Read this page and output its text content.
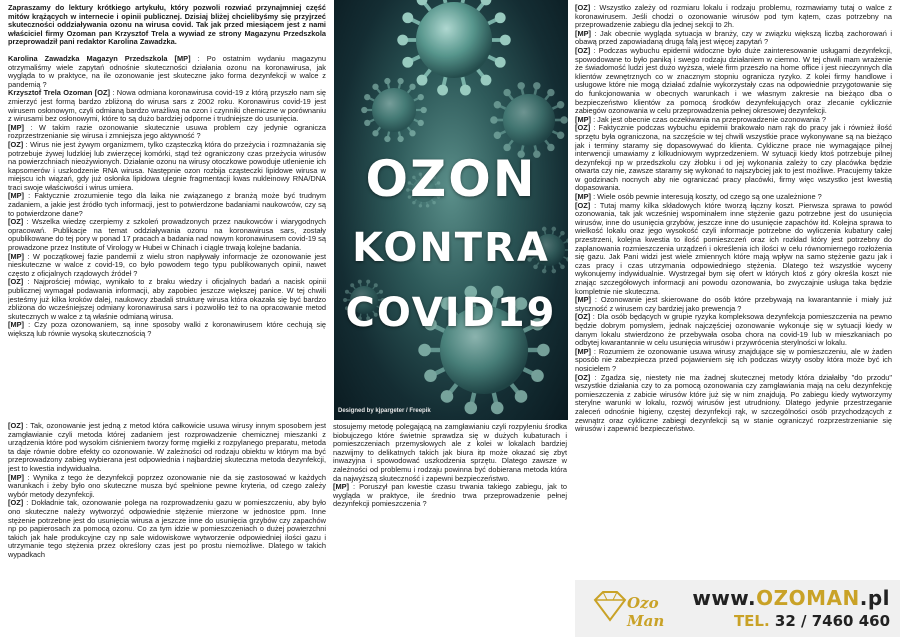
Zapraszamy do lektury krótkiego artykułu, który pozwoli rozwiać przynajmniej część mitów krążących w internecie i opinii publicznej. Dzisiaj bliżej chcielibyśmy się przyjrzeć skuteczności oddziaływania ozonu na wirusa covid. Tak jak przed miesiącem jest z nami właściciel firmy Ozoman pan Krzysztof Trela a wywiad ze strony Magazynu Przedszkola przeprowadził pani redaktor Karolina Zawadzka.

Karolina Zawadzka Magazyn Przedszkola [MP] : Po ostatnim wydaniu magazynu otrzymaliśmy wiele zapytań odnośnie skuteczności działania ozonu na koronawirusa, jak wygląda to w praktyce, na ile ozonowanie jest skuteczne jako forma dezynfekcji w walce z pandemią ?

Krzysztof Trela Ozoman [OZ] : Nowa odmiana koronawirusa covid-19 z którą przyszło nam się zmierzyć jest formą bardzo zbliżoną do wirusa sars z 2002 roku. Koronawirus covid-19 jest wirusem osłonowym, czyli odmianą bardzo wrażliwą na ozon i czynniki chemiczne w porównaniu z wirusami bez osłonowymi, które to są dużo bardziej odporne i trudniejsze do usunięcia.

[MP] : W takim razie ozonowanie skutecznie usuwa problem czy jedynie ogranicza rozprzestrzenianie się wirusa i zmniejsza jego aktywność ?

[OZ] : Wirus nie jest żywym organizmem, tylko cząsteczką która do przeżycia i rozmnażania się potrzebuje żywej ludzkiej lub zwierzęcej komórki, stąd też ograniczony czas przeżycia wirusów na powierzchniach nieożywionych. Działanie ozonu na wirusy otoczkowe powoduje utlenienie ich kapsomerów i uszkodzenie RNA wirusa. Następnie ozon rozbija cząsteczki lipidowe wirusa w miejscu ich wiązań, gdy już osłonka lipidowa ulegnie fragmentacji kwas nukleinowy RNA/DNA traci swoje właściwości i wirus umiera.

[MP] : Faktycznie zrozumienie tego dla laika nie związanego z branżą może być trudnym zadaniem, a jakie jest źródło tych informacji, jest to potwierdzone badaniami naukowców, czy są to potwierdzone dane?

[OZ] : Wszelka wiedzę czerpiemy z szkoleń prowadzonych przez naukowców i wiarygodnych opracowań. Publikacje na temat oddziaływania ozonu na koronawirusa sars, zostały opublikowane do tej pory w ponad 17 pracach a badania nad nowym koronawirusem covid-19 są prowadzone przez Institute of Virology w Hubei w Chinach i ciągle trwają kolejne badania.

[MP] : W początkowej fazie pandemii z wielu stron napływały informacje że ozonowanie jest nieskuteczne w walce z covid-19, co było powodem tego typu publikowanych opinii, nawet często z oficjalnych rządowych źródeł ?

[OZ] : Najprościej mówiąc, wynikało to z braku wiedzy i oficjalnych badań a nacisk opinii publicznej wymagał podawania informacji, aby zapobiec jeszcze większej panice. W tej chwili jesteśmy już kilka kroków dalej, naukowcy zbadali strukturę wirusa która okazała się być bardzo zbliżona do wcześniejszej odmiany koronawirusa sars i pozwoliło też to na opracowanie metod skutecznych w walce z tą właśnie odmianą wirusa.

[MP] : Czy poza ozonowaniem, są inne sposoby walki z koronawirusem które cechują się większą lub równie wysoką skutecznością ?

OZON
KONTRA
COVID19
Designed by kjpargeter / Freepik

[OZ] : Wszystko zależy od rozmiaru lokalu i rodzaju problemu, rozmawiamy tutaj o walce z koronawirusem. Jeśli chodzi o ozonowanie wirusów pod tym kątem, czas potrzebny na przeprowadzenie zabiegu dla jednej sekcji to 2h.

[MP] : Jak obecnie wygląda sytuacja w branży, czy w związku większą liczbą zachorowań i obawą przed zapowiadaną drugą falą jest więcej zapytań ?

[OZ] : Podczas wybuchu epidemii widoczne było duże zainteresowanie usługami dezynfekcji, spowodowane to było paniką i swego rodzaju działaniem w ciemno. W tej chwili mam wrażenie że świadomość ludzi jest dużo wyższa, wiele firm przeszło na home office i jest nieczynnych dla klientów zewnętrznych co w znacznym stopniu ogranicza ryzyko. Z kolei firmy handlowe i usługowe które nie mogą działać zdalnie wykorzystały czas na odpowiednie przygotowanie się do funkcjonowania w obecnych warunkach i we własnym zakresie na bieżąco dba o bezpieczeństwo klientów za pomocą środków dezynfekujących oraz zlecanie cyklicznie zabiegów ozonowania w celu przeprowadzenia pełnej okresowej dezynfekcji.

[MP] : Jak jest obecnie czas oczekiwania na przeprowadzenie ozonowania ?

[OZ] : Faktycznie podczas wybuchu epidemii brakowało nam rąk do pracy jak i również ilość sprzętu była ograniczona, na szczęście w tej chwili wszystkie prace wykonywane są na bieżąco jak i terminy staramy się dopasowywać do klienta. Cykliczne prace nie wymagające pilnej interwencji umawiamy z kilkudniowym wyprzedzeniem. W sytuacji kiedy ktoś potrzebuje pilnej dezynfekcji np w przedszkolu czy żłobku i od jej wykonania zależy to czy placówka będzie otwarta czy nie, zawsze staramy się wykonać to najszybciej jak to jest możliwe. Pracujemy także w godzinach nocnych aby nie ograniczać pracy placówki, firmy więc wszystko jest kwestią dopasowania.

[MP] : Wiele osób pewnie interesują koszty, od czego są one uzależnione ?

[OZ] : Tutaj mamy kilka składowych które tworzą łączny koszt. Pierwsza sprawa to powód ozonowania, tak jak wcześniej wspominałem inne stężenie gazu potrzebne jest do usunięcia wirusów, inne do usunięcia grzybów, jeszcze inne do usunięcie zapachów itd. Kolejna sprawa to wielkość lokalu oraz jego wysokość czyli informacje potrzebne do wyliczenia kubatury całej przestrzeni, kolejna kwestia to ilość pomieszczeń oraz ich rozkład który jest potrzebny do zaplanowania rozmieszczenia urządzeń i określenia ich ilości w celu równomiernego rozłożenia się gazu. Jak Pani widzi jest wiele zmiennych które mają wpływ na samo stężenie gazu jak i czas pracy i czas utrzymania odpowiedniego stężenia. Dlatego też wszystkie wyceny wykonujemy indywidualnie. Wystrzegał bym się ofert w których ktoś z góry określa koszt nie znając szczegółowych informacji ani powodu ozonowania, bo zwyczajnie usługa taka będzie kompletnie nie skuteczna.

[MP] : Ozonowanie jest skierowane do osób które przebywają na kwarantannie i miały już styczność z wirusem czy bardziej jako prewencja ?

[OZ] : Dla osób będących w grupie ryzyka kompleksowa dezynfekcja pomieszczenia na pewno będzie dobrym pomysłem, jednak najczęściej ozonowanie wykonuje się w sytuacji kiedy w danym lokalu stwierdzono że przebywała osoba chora na covid-19 lub w mieszkaniach po odbytej kwarantannie w celu usunięcia wirusów i przywrócenia sterylności w lokalu.

[MP] : Rozumiem że ozonowanie usuwa wirusy znajdujące się w pomieszczeniu, ale w żaden sposób nie zabezpiecza przed pojawieniem się ich podczas wizyty osoby która może być ich nosicielem ?

[OZ] : Zgadza się, niestety nie ma żadnej skutecznej metody która działałby "do przodu" wszystkie działania czy to za pomocą ozonowania czy zamgławiania mają na celu dezynfekcję pomieszczenia z zabicie wirusów które już się w nim znajdują. Po zabiegu kiedy wytworzymy sterylne warunki w lokalu, rozwój wirusów jest utrudniony. Dlatego jedynie przestrzeganie zaleceń odnośnie higieny, częstej dezynfekcji rąk, w szczególności osób przychodzących z zewnątrz oraz cykliczne zabiegi dezynfekcji są w stanie ograniczyć rozprzestrzenianie się wirusów i zapewnić bezpieczeństwo.

[OZ] : Tak, ozonowanie jest jedną z metod która całkowicie usuwa wirusy innym sposobem jest zamgławianie czyli metoda której zadaniem jest rozprowadzenie chemicznej mieszanki z urządzenia które pod wysokim ciśnieniem tworzy formę mgiełki z rozpylanego preparatu, metoda ta daje równie dobre efekty co ozonowanie. W zależności od rodzaju obiektu w którym ma być przeprowadzony zabieg wybierana jest odpowiednia i najbardziej skuteczna metoda dezynfekcji, jest to kwestia indywidualna.

[MP] : Wynika z tego że dezynfekcji poprzez ozonowanie nie da się zastosować w każdych warunkach i żeby było ono skuteczne musza być spełnione pewne kryteria, od czego zależy wybór metody dezynfekcji.

[OZ] : Dokładnie tak, ozonowanie polega na rozprowadzeniu gazu w pomieszczeniu, aby było ono skuteczne należy wytworzyć odpowiednie stężenie mierzone w jednostce ppm. Inne stężenie potrzebne jest do usunięcia wirusa a jeszcze inne do usunięcia grzybów czy zapachów np po papierosach za pomocą ozonu. Co za tym idzie w pomieszczeniach o dużej powierzchni takich jak hale produkcyjne czy np sale widowiskowe wytworzenie odpowiedniej ilości gazu i utrzymanie tego stężenia przez określony czas jest po prostu niemożliwe. Dlatego w takich wypadkach

stosujemy metodę polegającą na zamgławianiu czyli rozpyleniu środka biobujczego które świetnie sprawdza się w dużych kubaturach i pomieszczeniach przemysłowych ale z kolei w lokalach bardziej nazwijmy to delikatnych takich jak biura itp może okazać się zbyt inwazyjna i spowodować uszkodzenia sprzętu. Dlatego zawsze w zależności od problemu i rodzaju powinna być dobierana metoda która da najwyższą skuteczność i zapewni bezpieczeństwo.

[MP] : Poruszył pan kwestie czasu trwania takiego zabiegu, jak to wygląda w praktyce, ile średnio trwa przeprowadzenie pełnej dezynfekcji pomieszczenia ?

Ozo Man
www.OZOMAN.pl
TEL. 32 / 7460 460
